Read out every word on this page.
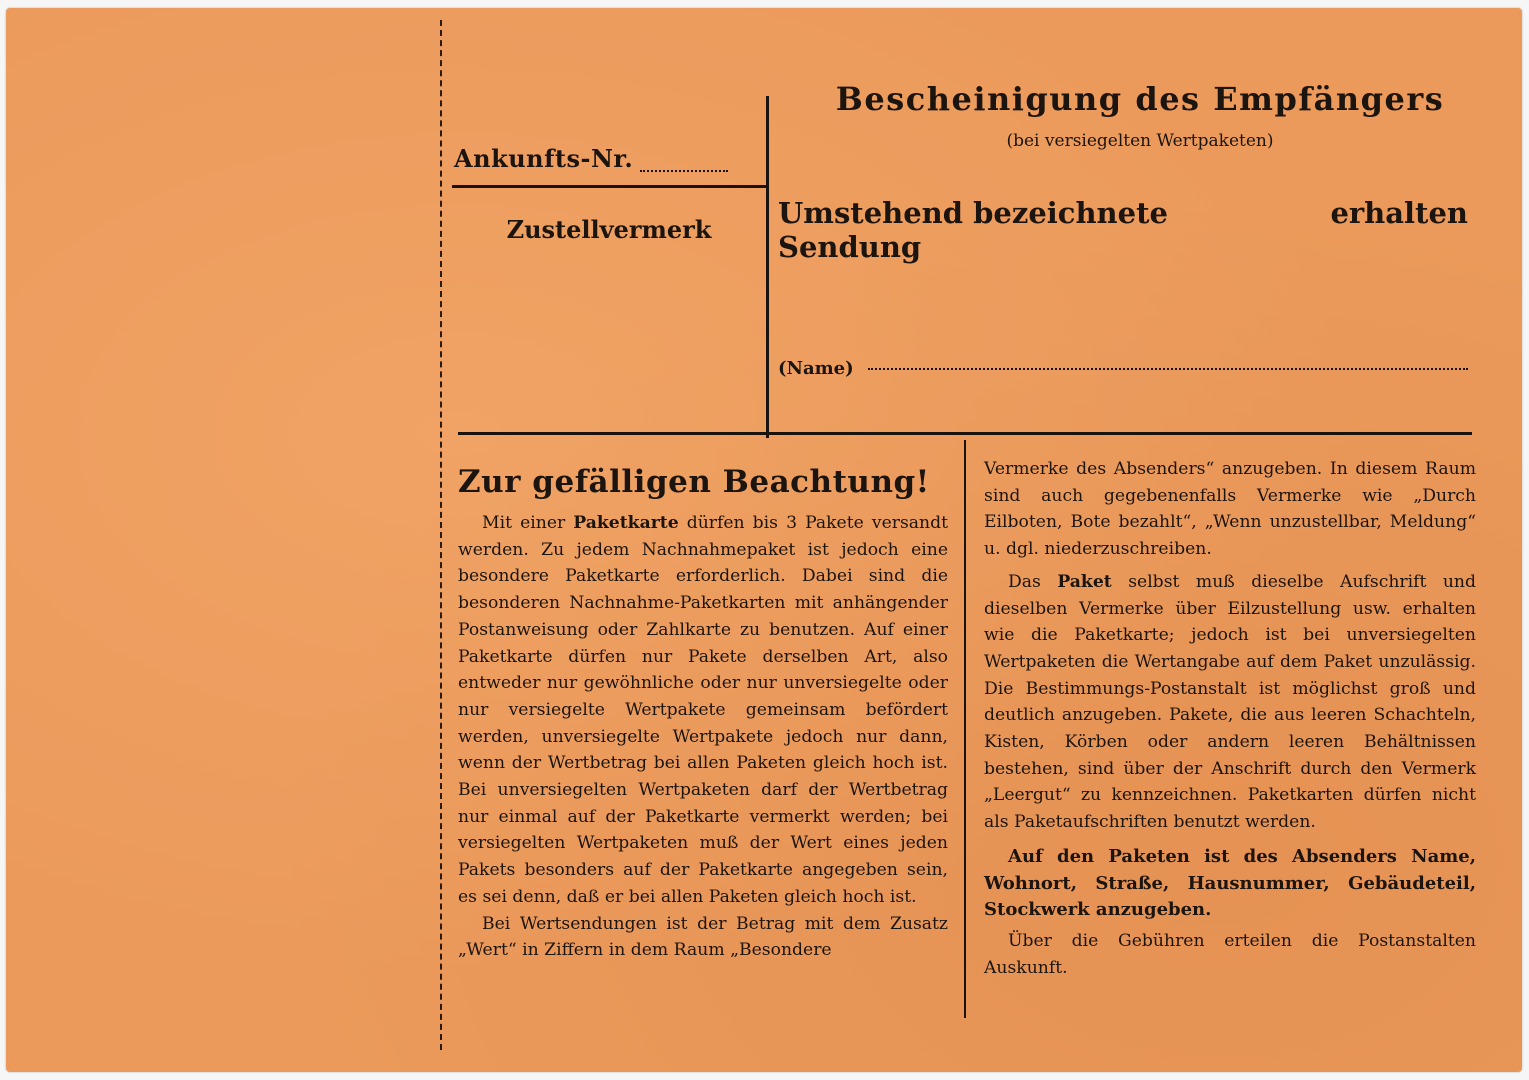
Ankunfts-Nr.
Zustellvermerk
Bescheinigung des Empfängers
(bei versiegelten Wertpaketen)
Umstehend bezeichnete Sendung
erhalten
(Name)
Zur gefälligen Beachtung!

Mit einer Paketkarte dürfen bis 3 Pakete versandt werden. Zu jedem Nachnahmepaket ist jedoch eine besondere Paketkarte erforderlich. Dabei sind die besonderen Nachnahme-Paketkarten mit anhängender Postanweisung oder Zahlkarte zu benutzen. Auf einer Paketkarte dürfen nur Pakete derselben Art, also entweder nur gewöhnliche oder nur unversiegelte oder nur versiegelte Wertpakete gemeinsam befördert werden, unversiegelte Wertpakete jedoch nur dann, wenn der Wertbetrag bei allen Paketen gleich hoch ist. Bei unversiegelten Wertpaketen darf der Wertbetrag nur einmal auf der Paketkarte vermerkt werden; bei versiegelten Wertpaketen muß der Wert eines jeden Pakets besonders auf der Paketkarte angegeben sein, es sei denn, daß er bei allen Paketen gleich hoch ist.

Bei Wertsendungen ist der Betrag mit dem Zusatz „Wert“ in Ziffern in dem Raum „Besondere

Vermerke des Absenders“ anzugeben. In diesem Raum sind auch gegebenenfalls Vermerke wie „Durch Eilboten, Bote bezahlt“, „Wenn unzustellbar, Meldung“ u. dgl. niederzuschreiben.

Das Paket selbst muß dieselbe Aufschrift und dieselben Vermerke über Eilzustellung usw. erhalten wie die Paketkarte; jedoch ist bei unversiegelten Wertpaketen die Wertangabe auf dem Paket unzulässig. Die Bestimmungs-Postanstalt ist möglichst groß und deutlich anzugeben. Pakete, die aus leeren Schachteln, Kisten, Körben oder andern leeren Behältnissen bestehen, sind über der Anschrift durch den Vermerk „Leergut“ zu kennzeichnen. Paketkarten dürfen nicht als Paketaufschriften benutzt werden.

Auf den Paketen ist des Absenders Name, Wohnort, Straße, Hausnummer, Gebäudeteil, Stockwerk anzugeben.

Über die Gebühren erteilen die Postanstalten Auskunft.
